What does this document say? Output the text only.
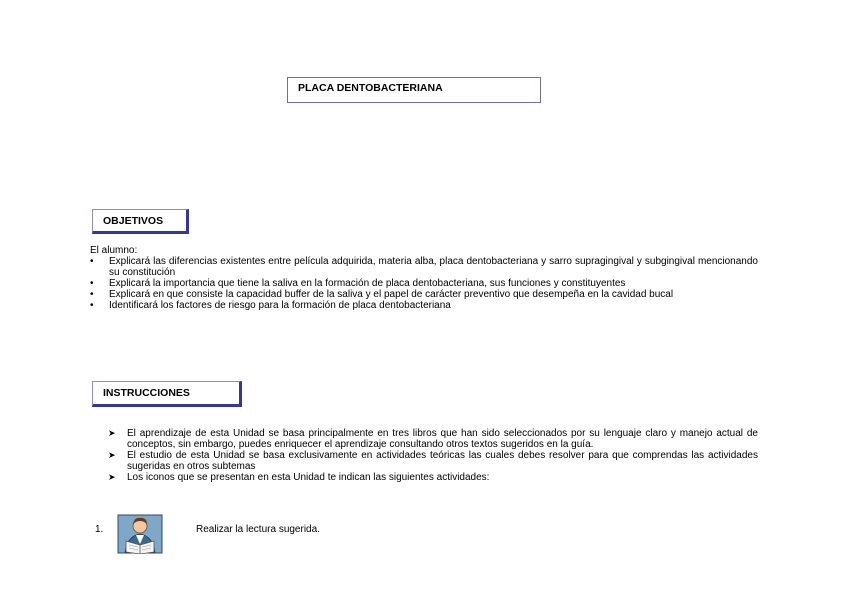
PLACA DENTOBACTERIANA
OBJETIVOS
El alumno:
• Explicará las diferencias existentes entre película adquirida, materia alba, placa dentobacteriana y sarro supragingival y subgingival mencionando su constitución
• Explicará la importancia que tiene la saliva en la formación de placa dentobacteriana, sus funciones y constituyentes
• Explicará en que consiste la capacidad buffer de la saliva y el papel de carácter preventivo que desempeña en la cavidad bucal
• Identificará los factores de riesgo para la formación de placa dentobacteriana
INSTRUCCIONES
➤ El aprendizaje de esta Unidad se basa principalmente en tres libros que han sido seleccionados por su lenguaje claro y manejo actual de conceptos, sin embargo, puedes enriquecer el aprendizaje consultando otros textos sugeridos en la guía.
➤ El estudio de esta Unidad se basa exclusivamente en actividades teóricas las cuales debes resolver para que comprendas las actividades sugeridas en otros subtemas
➤ Los iconos que se presentan en esta Unidad te indican las siguientes actividades:
1.	Realizar la lectura sugerida.
